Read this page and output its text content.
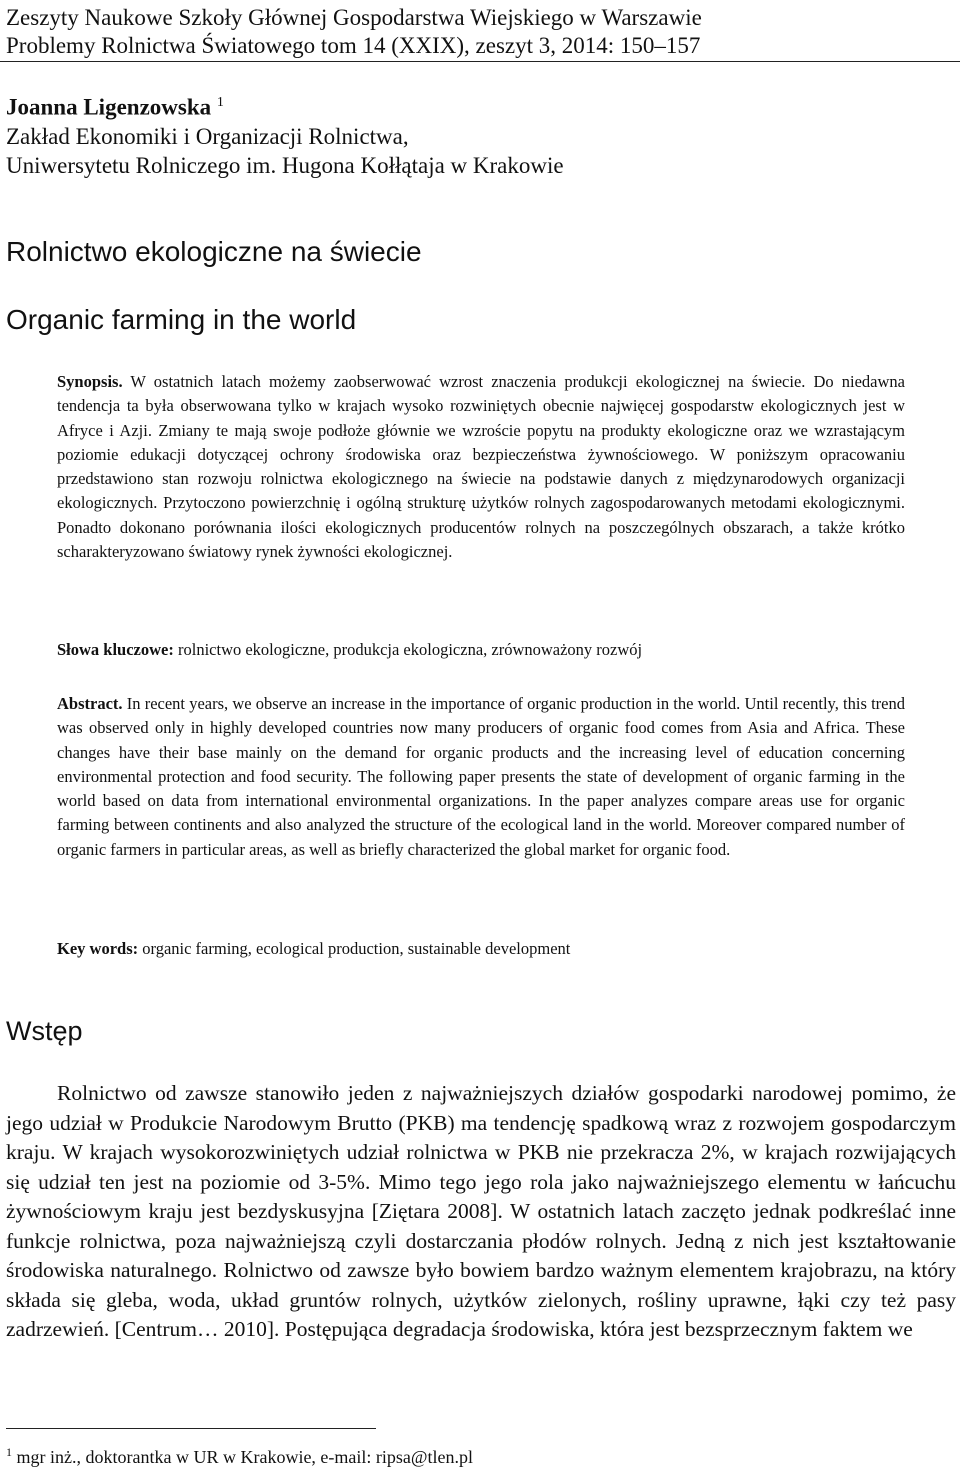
Zeszyty Naukowe Szkoły Głównej Gospodarstwa Wiejskiego w Warszawie
Problemy Rolnictwa Światowego tom 14 (XXIX), zeszyt 3, 2014: 150–157
Joanna Ligenzowska $^1$
Zakład Ekonomiki i Organizacji Rolnictwa,
Uniwersytetu Rolniczego im. Hugona Kołłątaja w Krakowie
Rolnictwo ekologiczne na świecie
Organic farming in the world
Synopsis. W ostatnich latach możemy zaobserwować wzrost znaczenia produkcji ekologicznej na świecie. Do niedawna tendencja ta była obserwowana tylko w krajach wysoko rozwiniętych obecnie najwięcej gospodarstw ekologicznych jest w Afryce i Azji. Zmiany te mają swoje podłoże głównie we wzroście popytu na produkty ekologiczne oraz we wzrastającym poziomie edukacji dotyczącej ochrony środowiska oraz bezpieczeństwa żywnościowego. W poniższym opracowaniu przedstawiono stan rozwoju rolnictwa ekologicznego na świecie na podstawie danych z międzynarodowych organizacji ekologicznych. Przytoczono powierzchnię i ogólną strukturę użytków rolnych zagospodarowanych metodami ekologicznymi. Ponadto dokonano porównania ilości ekologicznych producentów rolnych na poszczególnych obszarach, a także krótko scharakteryzowano światowy rynek żywności ekologicznej.
Słowa kluczowe: rolnictwo ekologiczne, produkcja ekologiczna, zrównoważony rozwój
Abstract. In recent years, we observe an increase in the importance of organic production in the world. Until recently, this trend was observed only in highly developed countries now many producers of organic food comes from Asia and Africa. These changes have their base mainly on the demand for organic products and the increasing level of education concerning environmental protection and food security. The following paper presents the state of development of organic farming in the world based on data from international environmental organizations. In the paper analyzes compare areas use for organic farming between continents and also analyzed the structure of the ecological land in the world. Moreover compared number of organic farmers in particular areas, as well as briefly characterized the global market for organic food.
Key words: organic farming, ecological production, sustainable development
Wstęp
Rolnictwo od zawsze stanowiło jeden z najważniejszych działów gospodarki narodowej pomimo, że jego udział w Produkcie Narodowym Brutto (PKB) ma tendencję spadkową wraz z rozwojem gospodarczym kraju. W krajach wysokorozwiniętych udział rolnictwa w PKB nie przekracza 2%, w krajach rozwijających się udział ten jest na poziomie od 3-5%. Mimo tego jego rola jako najważniejszego elementu w łańcuchu żywnościowym kraju jest bezdyskusyjna [Ziętara 2008]. W ostatnich latach zaczęto jednak podkreślać inne funkcje rolnictwa, poza najważniejszą czyli dostarczania płodów rolnych. Jedną z nich jest kształtowanie środowiska naturalnego. Rolnictwo od zawsze było bowiem bardzo ważnym elementem krajobrazu, na który składa się gleba, woda, układ gruntów rolnych, użytków zielonych, rośliny uprawne, łąki czy też pasy zadrzewień. [Centrum… 2010]. Postępująca degradacja środowiska, która jest bezsprzecznym faktem we
$^1$ mgr inż., doktorantka w UR w Krakowie, e-mail: ripsa@tlen.pl
